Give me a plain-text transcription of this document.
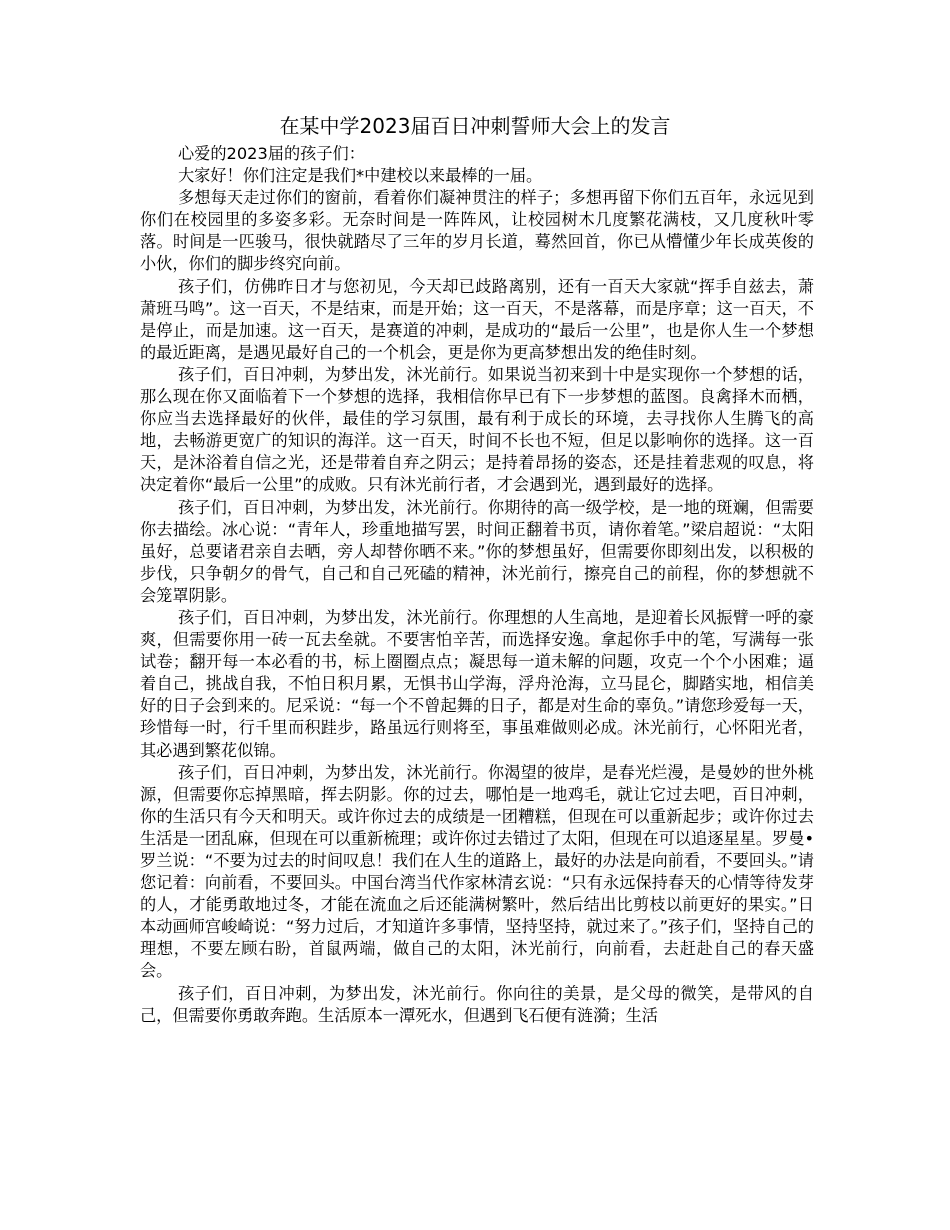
在某中学2023届百日冲刺誓师大会上的发言

心爱的2023届的孩子们：

大家好！你们注定是我们*中建校以来最棒的一届。

多想每天走过你们的窗前，看着你们凝神贯注的样子；多想再留下你们五百年，永远见到你们在校园里的多姿多彩。无奈时间是一阵阵风，让校园树木几度繁花满枝，又几度秋叶零落。时间是一匹骏马，很快就踏尽了三年的岁月长道，蓦然回首，你已从懵懂少年长成英俊的小伙，你们的脚步终究向前。

孩子们，仿佛昨日才与您初见，今天却已歧路离别，还有一百天大家就“挥手自兹去，萧萧班马鸣”。这一百天，不是结束，而是开始；这一百天，不是落幕，而是序章；这一百天，不是停止，而是加速。这一百天，是赛道的冲刺，是成功的“最后一公里”，也是你人生一个梦想的最近距离，是遇见最好自己的一个机会，更是你为更高梦想出发的绝佳时刻。

孩子们，百日冲刺，为梦出发，沐光前行。如果说当初来到十中是实现你一个梦想的话，那么现在你又面临着下一个梦想的选择，我相信你早已有下一步梦想的蓝图。良禽择木而栖，你应当去选择最好的伙伴，最佳的学习氛围，最有利于成长的环境，去寻找你人生腾飞的高地，去畅游更宽广的知识的海洋。这一百天，时间不长也不短，但足以影响你的选择。这一百天，是沐浴着自信之光，还是带着自弃之阴云；是持着昂扬的姿态，还是挂着悲观的叹息，将决定着你“最后一公里”的成败。只有沐光前行者，才会遇到光，遇到最好的选择。

孩子们，百日冲刺，为梦出发，沐光前行。你期待的高一级学校，是一地的斑斓，但需要你去描绘。冰心说：“青年人，珍重地描写罢，时间正翻着书页，请你着笔。”梁启超说：“太阳虽好，总要诸君亲自去晒，旁人却替你晒不来。”你的梦想虽好，但需要你即刻出发，以积极的步伐，只争朝夕的骨气，自己和自己死磕的精神，沐光前行，擦亮自己的前程，你的梦想就不会笼罩阴影。

孩子们，百日冲刺，为梦出发，沐光前行。你理想的人生高地，是迎着长风振臂一呼的豪爽，但需要你用一砖一瓦去垒就。不要害怕辛苦，而选择安逸。拿起你手中的笔，写满每一张试卷；翻开每一本必看的书，标上圈圈点点；凝思每一道未解的问题，攻克一个个小困难；逼着自己，挑战自我，不怕日积月累，无惧书山学海，浮舟沧海，立马昆仑，脚踏实地，相信美好的日子会到来的。尼采说：“每一个不曾起舞的日子，都是对生命的辜负。”请您珍爱每一天，珍惜每一时，行千里而积跬步，路虽远行则将至，事虽难做则必成。沐光前行，心怀阳光者，其必遇到繁花似锦。

孩子们，百日冲刺，为梦出发，沐光前行。你渴望的彼岸，是春光烂漫，是曼妙的世外桃源，但需要你忘掉黑暗，挥去阴影。你的过去，哪怕是一地鸡毛，就让它过去吧，百日冲刺，你的生活只有今天和明天。或许你过去的成绩是一团糟糕，但现在可以重新起步；或许你过去生活是一团乱麻，但现在可以重新梳理；或许你过去错过了太阳，但现在可以追逐星星。罗曼•罗兰说：“不要为过去的时间叹息！我们在人生的道路上，最好的办法是向前看，不要回头。”请您记着：向前看，不要回头。中国台湾当代作家林清玄说：“只有永远保持春天的心情等待发芽的人，才能勇敢地过冬，才能在流血之后还能满树繁叶，然后结出比剪枝以前更好的果实。”日本动画师宫峻崎说：“努力过后，才知道许多事情，坚持坚持，就过来了。”孩子们，坚持自己的理想，不要左顾右盼，首鼠两端，做自己的太阳，沐光前行，向前看，去赶赴自己的春天盛会。

孩子们，百日冲刺，为梦出发，沐光前行。你向往的美景，是父母的微笑，是带风的自己，但需要你勇敢奔跑。生活原本一潭死水，但遇到飞石便有涟漪；生活
